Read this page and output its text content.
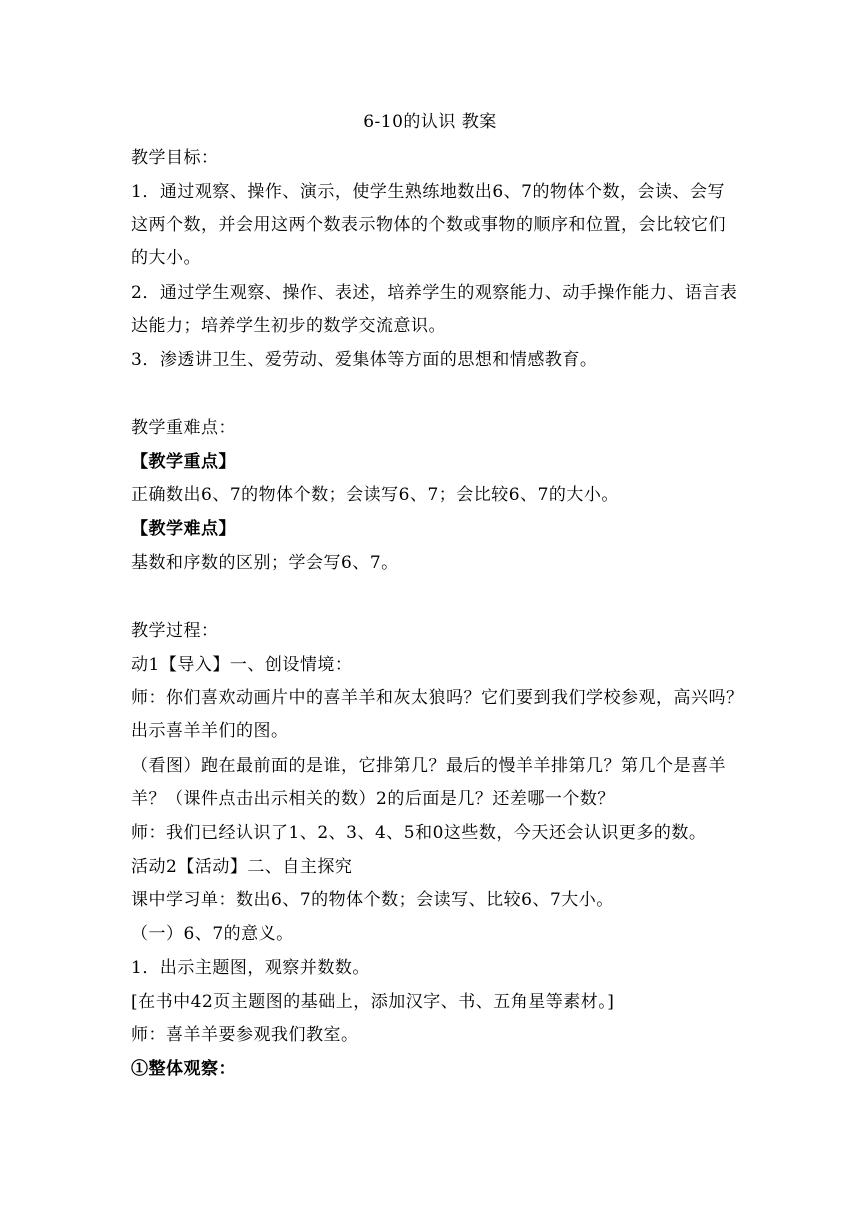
6-10的认识 教案
教学目标：
1．通过观察、操作、演示，使学生熟练地数出6、7的物体个数，会读、会写
这两个数，并会用这两个数表示物体的个数或事物的顺序和位置，会比较它们
的大小。
2．通过学生观察、操作、表述，培养学生的观察能力、动手操作能力、语言表
达能力；培养学生初步的数学交流意识。
3．渗透讲卫生、爱劳动、爱集体等方面的思想和情感教育。
教学重难点：
【教学重点】
正确数出6、7的物体个数；会读写6、7；会比较6、7的大小。
【教学难点】
基数和序数的区别；学会写6、7。
教学过程：
动1【导入】一、创设情境：
师：你们喜欢动画片中的喜羊羊和灰太狼吗？它们要到我们学校参观，高兴吗？
出示喜羊羊们的图。
（看图）跑在最前面的是谁，它排第几？最后的慢羊羊排第几？第几个是喜羊
羊？（课件点击出示相关的数）2的后面是几？还差哪一个数？
师：我们已经认识了1、2、3、4、5和0这些数，今天还会认识更多的数。
活动2【活动】二、自主探究
课中学习单：数出6、7的物体个数；会读写、比较6、7大小。
（一）6、7的意义。
1．出示主题图，观察并数数。
[在书中42页主题图的基础上，添加汉字、书、五角星等素材。]
师：喜羊羊要参观我们教室。
①整体观察：
